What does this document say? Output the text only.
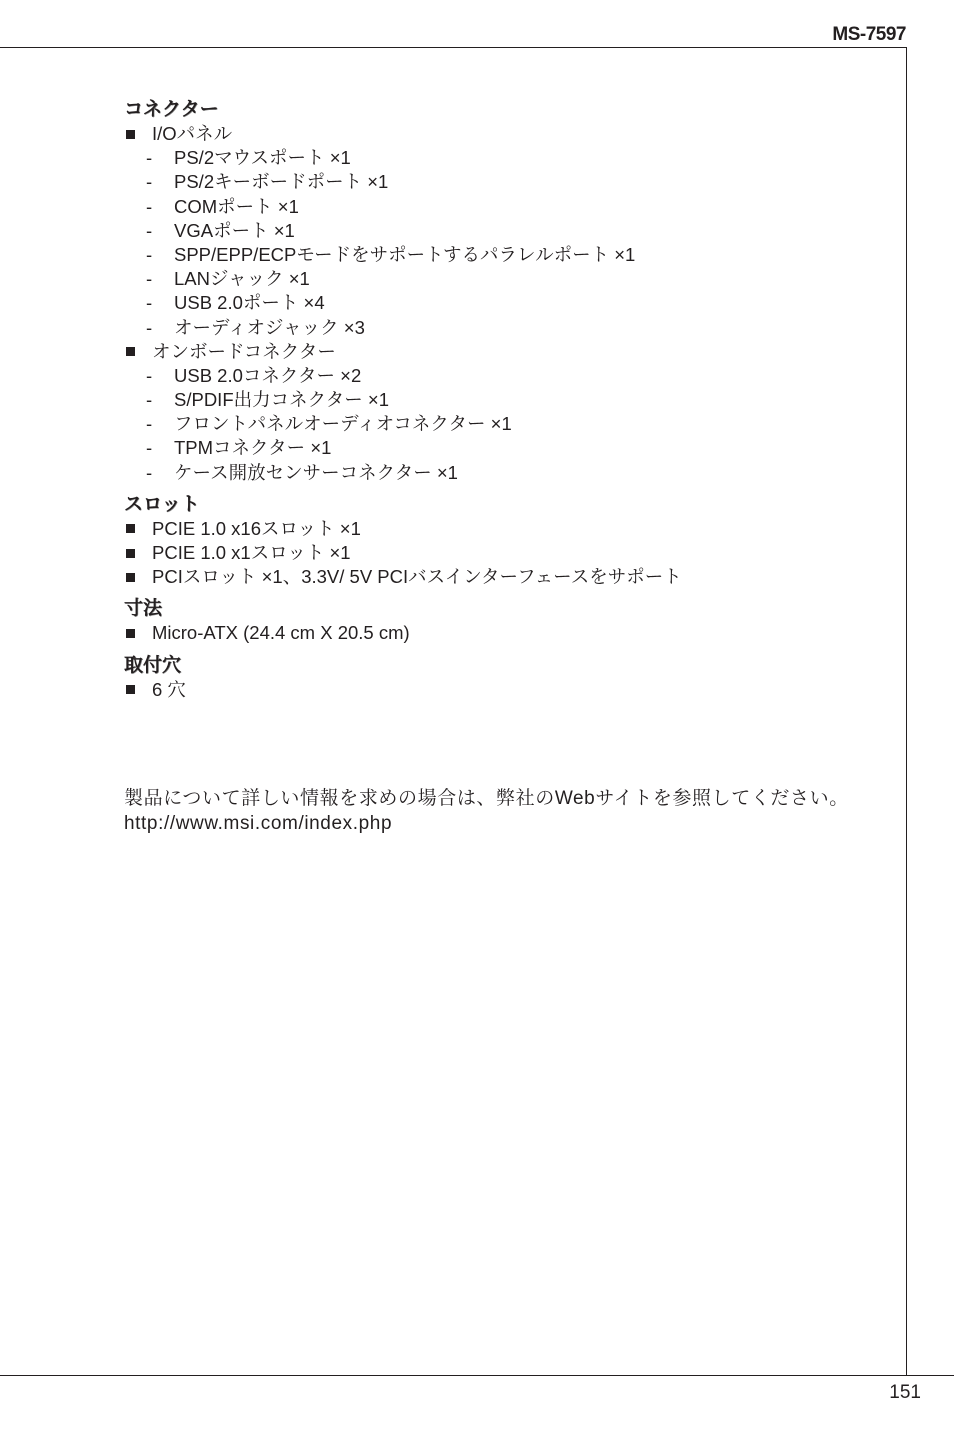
MS-7597
151
コネクター
I/Oパネル
- PS/2マウスポート ×1
- PS/2キーボードポート ×1
- COMポート ×1
- VGAポート ×1
- SPP/EPP/ECPモードをサポートするパラレルポート ×1
- LANジャック ×1
- USB 2.0ポート ×4
- オーディオジャック ×3
オンボードコネクター
- USB 2.0コネクター ×2
- S/PDIF出力コネクター ×1
- フロントパネルオーディオコネクター ×1
- TPMコネクター ×1
- ケース開放センサーコネクター ×1
スロット
PCIE 1.0 x16スロット ×1
PCIE 1.0 x1スロット ×1
PCIスロット ×1、3.3V/ 5V PCIバスインターフェースをサポート
寸法
Micro-ATX (24.4 cm X 20.5 cm)
取付穴
6 穴
製品について詳しい情報を求めの場合は、弊社のWebサイトを参照してください。http://www.msi.com/index.php
